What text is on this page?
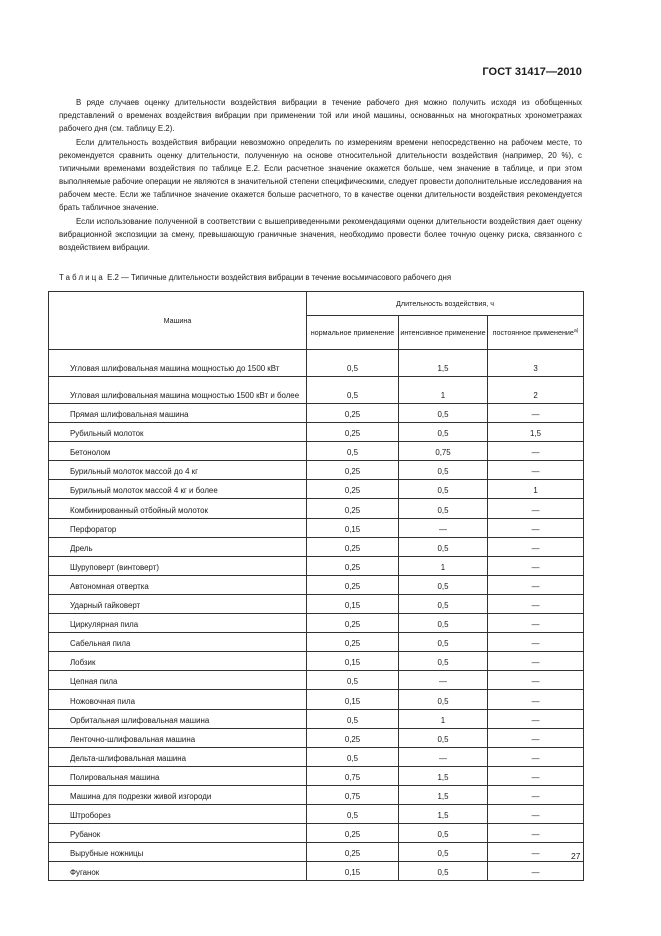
ГОСТ 31417—2010

В ряде случаев оценку длительности воздействия вибрации в течение рабочего дня можно получить исходя из обобщенных представлений о временах воздействия вибрации при применении той или иной машины, основанных на многократных хронометражах рабочего дня (см. таблицу Е.2).

Если длительность воздействия вибрации невозможно определить по измерениям времени непосредственно на рабочем месте, то рекомендуется сравнить оценку длительности, полученную на основе относительной длительности воздействия (например, 20 %), с типичными временами воздействия по таблице Е.2. Если расчетное значение окажется больше, чем значение в таблице, и при этом выполняемые рабочие операции не являются в значительной степени специфическими, следует провести дополнительные исследования на рабочем месте. Если же табличное значение окажется больше расчетного, то в качестве оценки длительности воздействия рекомендуется брать табличное значение.

Если использование полученной в соответствии с вышеприведенными рекомендациями оценки длительности воздействия дает оценку вибрационной экспозиции за смену, превышающую граничные значения, необходимо провести более точную оценку риска, связанного с воздействием вибрации.

Таблица Е.2 — Типичные длительности воздействия вибрации в течение восьмичасового рабочего дня
Машина	Длительность воздействия, ч		
	нормальное применение	интенсивное применение	постоянное применение$^{а)}$
Угловая шлифовальная машина мощностью до 1500 кВт	0,5	1,5	3
Угловая шлифовальная машина мощностью 1500 кВт и более	0,5	1	2
Прямая шлифовальная машина	0,25	0,5	—
Рубильный молоток	0,25	0,5	1,5
Бетонолом	0,5	0,75	—
Бурильный молоток массой до 4 кг	0,25	0,5	—
Бурильный молоток массой 4 кг и более	0,25	0,5	1
Комбинированный отбойный молоток	0,25	0,5	—
Перфоратор	0,15	—	—
Дрель	0,25	0,5	—
Шуруповерт (винтоверт)	0,25	1	—
Автономная отвертка	0,25	0,5	—
Ударный гайковерт	0,15	0,5	—
Циркулярная пила	0,25	0,5	—
Сабельная пила	0,25	0,5	—
Лобзик	0,15	0,5	—
Цепная пила	0,5	—	—
Ножовочная пила	0,15	0,5	—
Орбитальная шлифовальная машина	0,5	1	—
Ленточно-шлифовальная машина	0,25	0,5	—
Дельта-шлифовальная машина	0,5	—	—
Полировальная машина	0,75	1,5	—
Машина для подрезки живой изгороди	0,75	1,5	—
Штроборез	0,5	1,5	—
Рубанок	0,25	0,5	—
Вырубные ножницы	0,25	0,5	—
Фуганок	0,15	0,5	—
27
